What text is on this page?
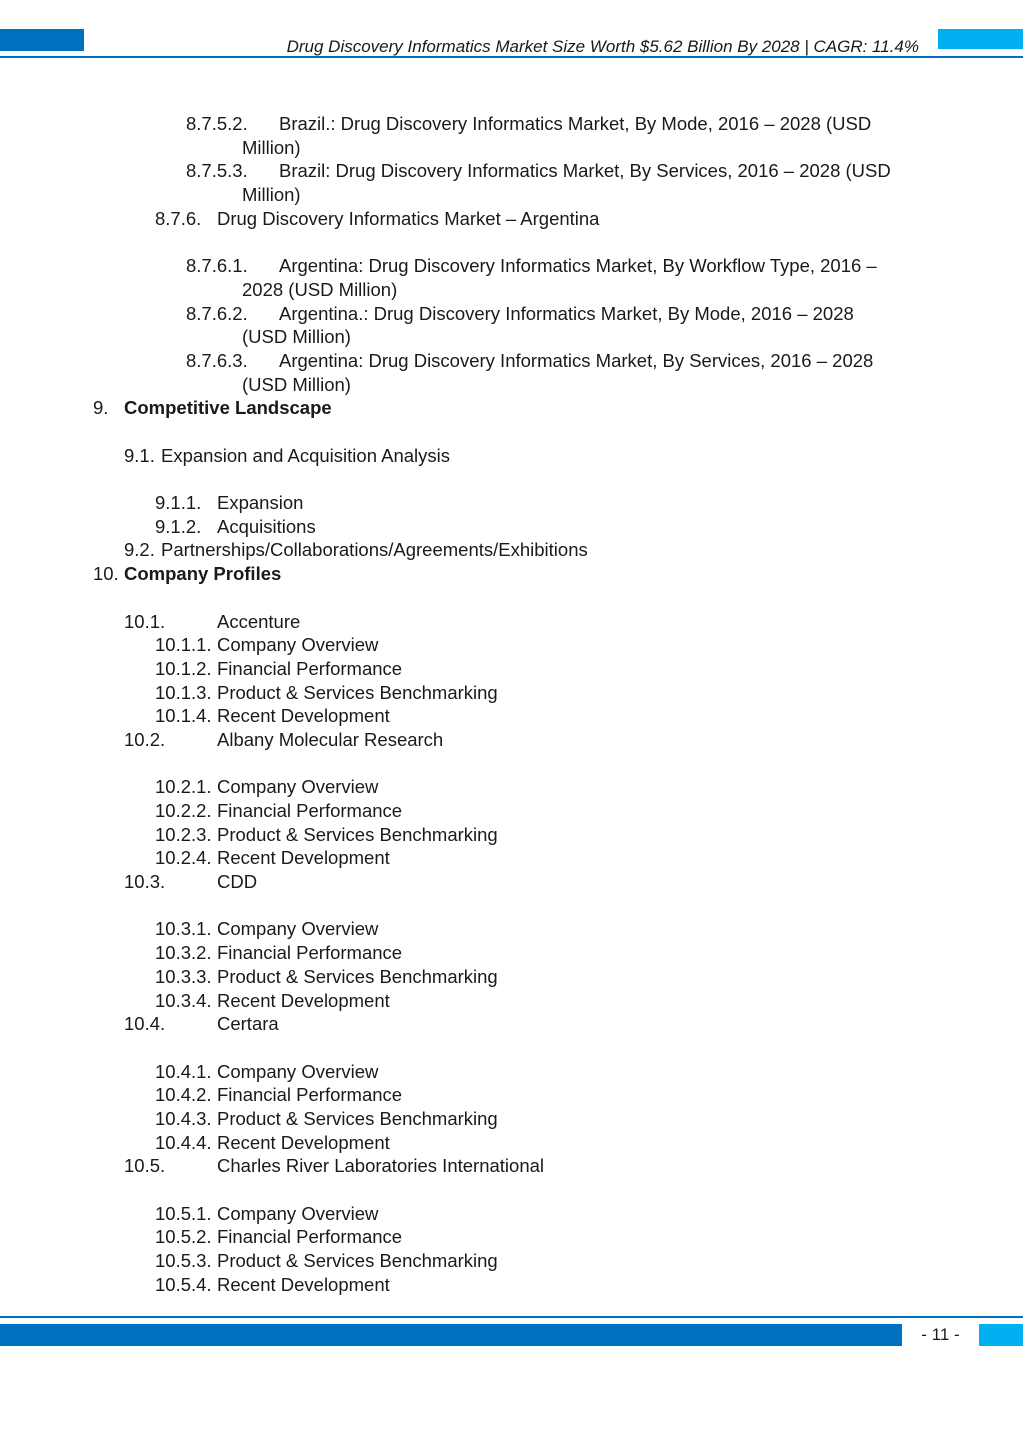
Drug Discovery Informatics Market Size Worth $5.62 Billion By 2028 | CAGR: 11.4%
8.7.5.2. Brazil.: Drug Discovery Informatics Market, By Mode, 2016 – 2028 (USD
Million)
8.7.5.3. Brazil: Drug Discovery Informatics Market, By Services, 2016 – 2028 (USD
Million)
8.7.6. Drug Discovery Informatics Market – Argentina
8.7.6.1. Argentina: Drug Discovery Informatics Market, By Workflow Type, 2016 –
2028 (USD Million)
8.7.6.2. Argentina.: Drug Discovery Informatics Market, By Mode, 2016 – 2028
(USD Million)
8.7.6.3. Argentina: Drug Discovery Informatics Market, By Services, 2016 – 2028
(USD Million)
9. Competitive Landscape
9.1. Expansion and Acquisition Analysis
9.1.1. Expansion
9.1.2. Acquisitions
9.2. Partnerships/Collaborations/Agreements/Exhibitions
10. Company Profiles
10.1.	Accenture
10.1.1. Company Overview
10.1.2. Financial Performance
10.1.3. Product & Services Benchmarking
10.1.4. Recent Development
10.2.	Albany Molecular Research
10.2.1. Company Overview
10.2.2. Financial Performance
10.2.3. Product & Services Benchmarking
10.2.4. Recent Development
10.3.	CDD
10.3.1. Company Overview
10.3.2. Financial Performance
10.3.3. Product & Services Benchmarking
10.3.4. Recent Development
10.4.	Certara
10.4.1. Company Overview
10.4.2. Financial Performance
10.4.3. Product & Services Benchmarking
10.4.4. Recent Development
10.5.	Charles River Laboratories International
10.5.1. Company Overview
10.5.2. Financial Performance
10.5.3. Product & Services Benchmarking
10.5.4. Recent Development
- 11 -
